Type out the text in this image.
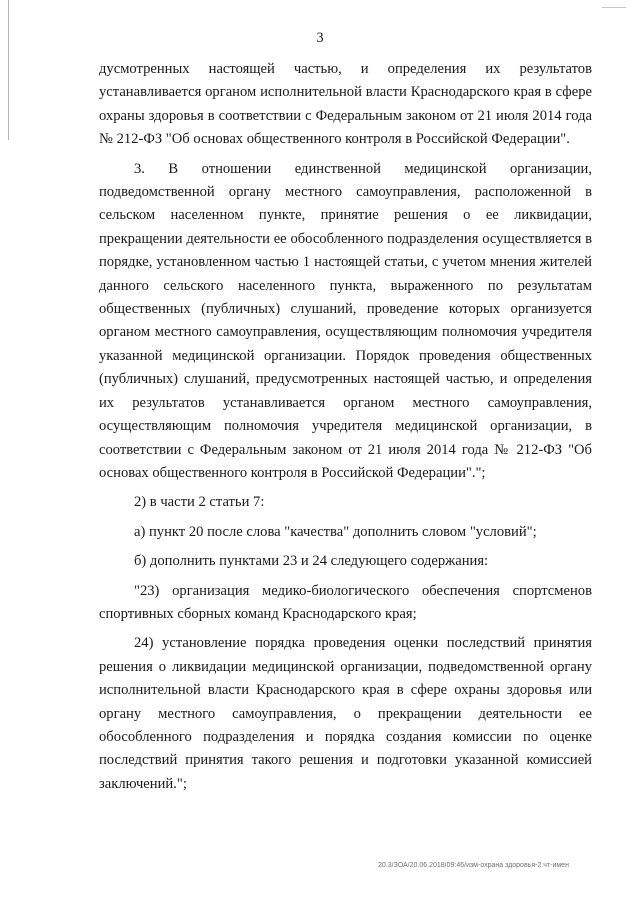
3

дусмотренных настоящей частью, и определения их результатов устанавливается органом исполнительной власти Краснодарского края в сфере охраны здоровья в соответствии с Федеральным законом от 21 июля 2014 года № 212-ФЗ "Об основах общественного контроля в Российской Федерации".

3. В отношении единственной медицинской организации, подведомственной органу местного самоуправления, расположенной в сельском населенном пункте, принятие решения о ее ликвидации, прекращении деятельности ее обособленного подразделения осуществляется в порядке, установленном частью 1 настоящей статьи, с учетом мнения жителей данного сельского населенного пункта, выраженного по результатам общественных (публичных) слушаний, проведение которых организуется органом местного самоуправления, осуществляющим полномочия учредителя указанной медицинской организации. Порядок проведения общественных (публичных) слушаний, предусмотренных настоящей частью, и определения их результатов устанавливается органом местного самоуправления, осуществляющим полномочия учредителя медицинской организации, в соответствии с Федеральным законом от 21 июля 2014 года № 212-ФЗ "Об основах общественного контроля в Российской Федерации".";

2) в части 2 статьи 7:

а) пункт 20 после слова "качества" дополнить словом "условий";

б) дополнить пунктами 23 и 24 следующего содержания:

"23) организация медико-биологического обеспечения спортсменов спортивных сборных команд Краснодарского края;

24) установление порядка проведения оценки последствий принятия решения о ликвидации медицинской организации, подведомственной органу исполнительной власти Краснодарского края в сфере охраны здоровья или органу местного самоуправления, о прекращении деятельности ее обособленного подразделения и порядка создания комиссии по оценке последствий принятия такого решения и подготовки указанной комиссией заключений.";

20.3/ЗОА/20.06.2018/09:46/изм-охрана здоровья-2 чт-имен
